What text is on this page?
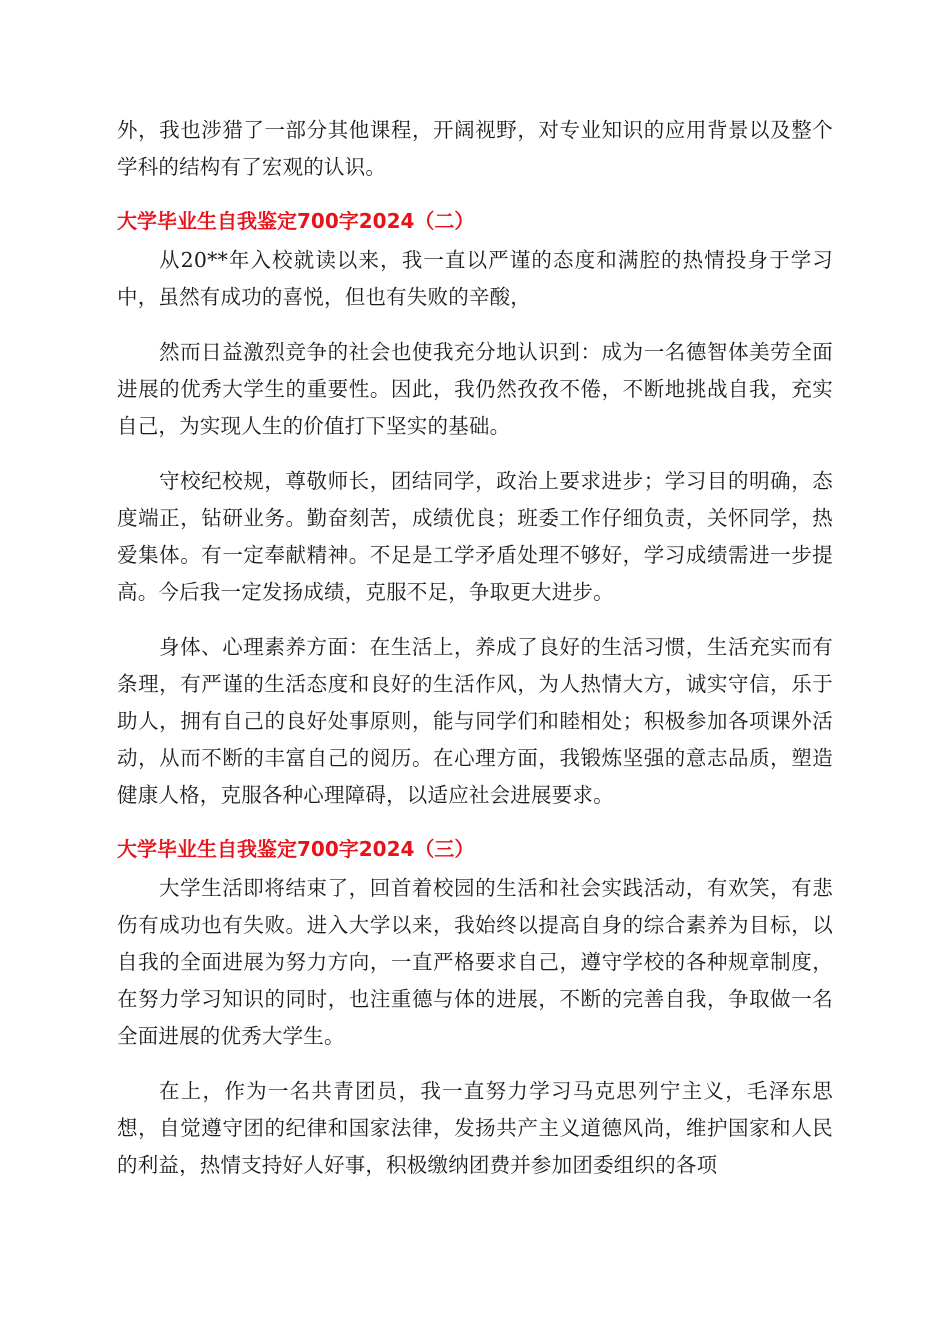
外，我也涉猎了一部分其他课程，开阔视野，对专业知识的应用背景以及整个学科的结构有了宏观的认识。

大学毕业生自我鉴定700字2024（二）

从20**年入校就读以来，我一直以严谨的态度和满腔的热情投身于学习中，虽然有成功的喜悦，但也有失败的辛酸，

然而日益激烈竞争的社会也使我充分地认识到：成为一名德智体美劳全面进展的优秀大学生的重要性。因此，我仍然孜孜不倦，不断地挑战自我，充实自己，为实现人生的价值打下坚实的基础。

守校纪校规，尊敬师长，团结同学，政治上要求进步；学习目的明确，态度端正，钻研业务。勤奋刻苦，成绩优良；班委工作仔细负责，关怀同学，热爱集体。有一定奉献精神。不足是工学矛盾处理不够好，学习成绩需进一步提高。今后我一定发扬成绩，克服不足，争取更大进步。

身体、心理素养方面：在生活上，养成了良好的生活习惯，生活充实而有条理，有严谨的生活态度和良好的生活作风，为人热情大方，诚实守信，乐于助人，拥有自己的良好处事原则，能与同学们和睦相处；积极参加各项课外活动，从而不断的丰富自己的阅历。在心理方面，我锻炼坚强的意志品质，塑造健康人格，克服各种心理障碍，以适应社会进展要求。

大学毕业生自我鉴定700字2024（三）

大学生活即将结束了，回首着校园的生活和社会实践活动，有欢笑，有悲伤有成功也有失败。进入大学以来，我始终以提高自身的综合素养为目标，以自我的全面进展为努力方向，一直严格要求自己，遵守学校的各种规章制度，在努力学习知识的同时，也注重德与体的进展，不断的完善自我，争取做一名全面进展的优秀大学生。

在上，作为一名共青团员，我一直努力学习马克思列宁主义，毛泽东思想，自觉遵守团的纪律和国家法律，发扬共产主义道德风尚，维护国家和人民的利益，热情支持好人好事，积极缴纳团费并参加团委组织的各项
